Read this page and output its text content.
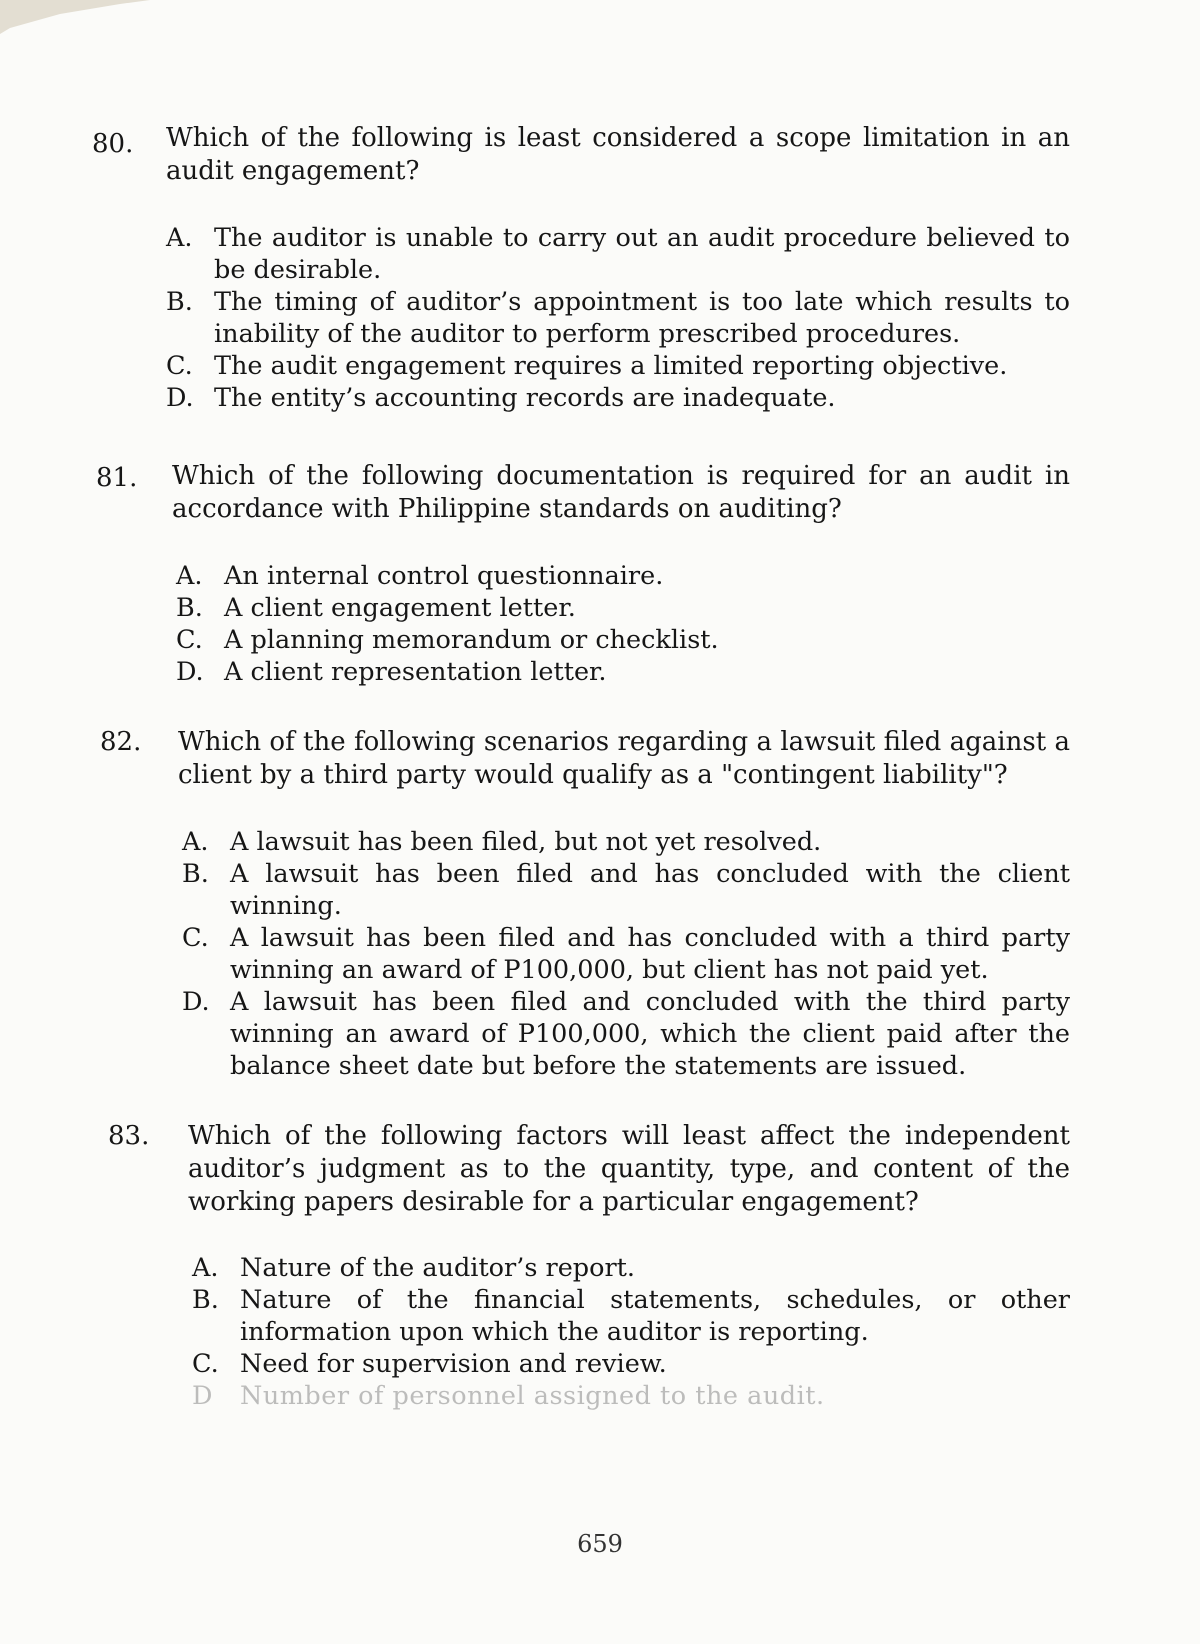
80. Which of the following is least considered a scope limitation in an audit engagement?
A. The auditor is unable to carry out an audit procedure believed to be desirable.
B. The timing of auditor’s appointment is too late which results to inability of the auditor to perform prescribed procedures.
C. The audit engagement requires a limited reporting objective.
D. The entity’s accounting records are inadequate.
81. Which of the following documentation is required for an audit in accordance with Philippine standards on auditing?
A. An internal control questionnaire.
B. A client engagement letter.
C. A planning memorandum or checklist.
D. A client representation letter.
82. Which of the following scenarios regarding a lawsuit filed against a client by a third party would qualify as a "contingent liability"?
A. A lawsuit has been filed, but not yet resolved.
B. A lawsuit has been filed and has concluded with the client winning.
C. A lawsuit has been filed and has concluded with a third party winning an award of P100,000, but client has not paid yet.
D. A lawsuit has been filed and concluded with the third party winning an award of P100,000, which the client paid after the balance sheet date but before the statements are issued.
83. Which of the following factors will least affect the independent auditor’s judgment as to the quantity, type, and content of the working papers desirable for a particular engagement?
A. Nature of the auditor’s report.
B. Nature of the financial statements, schedules, or other information upon which the auditor is reporting.
C. Need for supervision and review.
D	Number of personnel assigned to the audit.
659
